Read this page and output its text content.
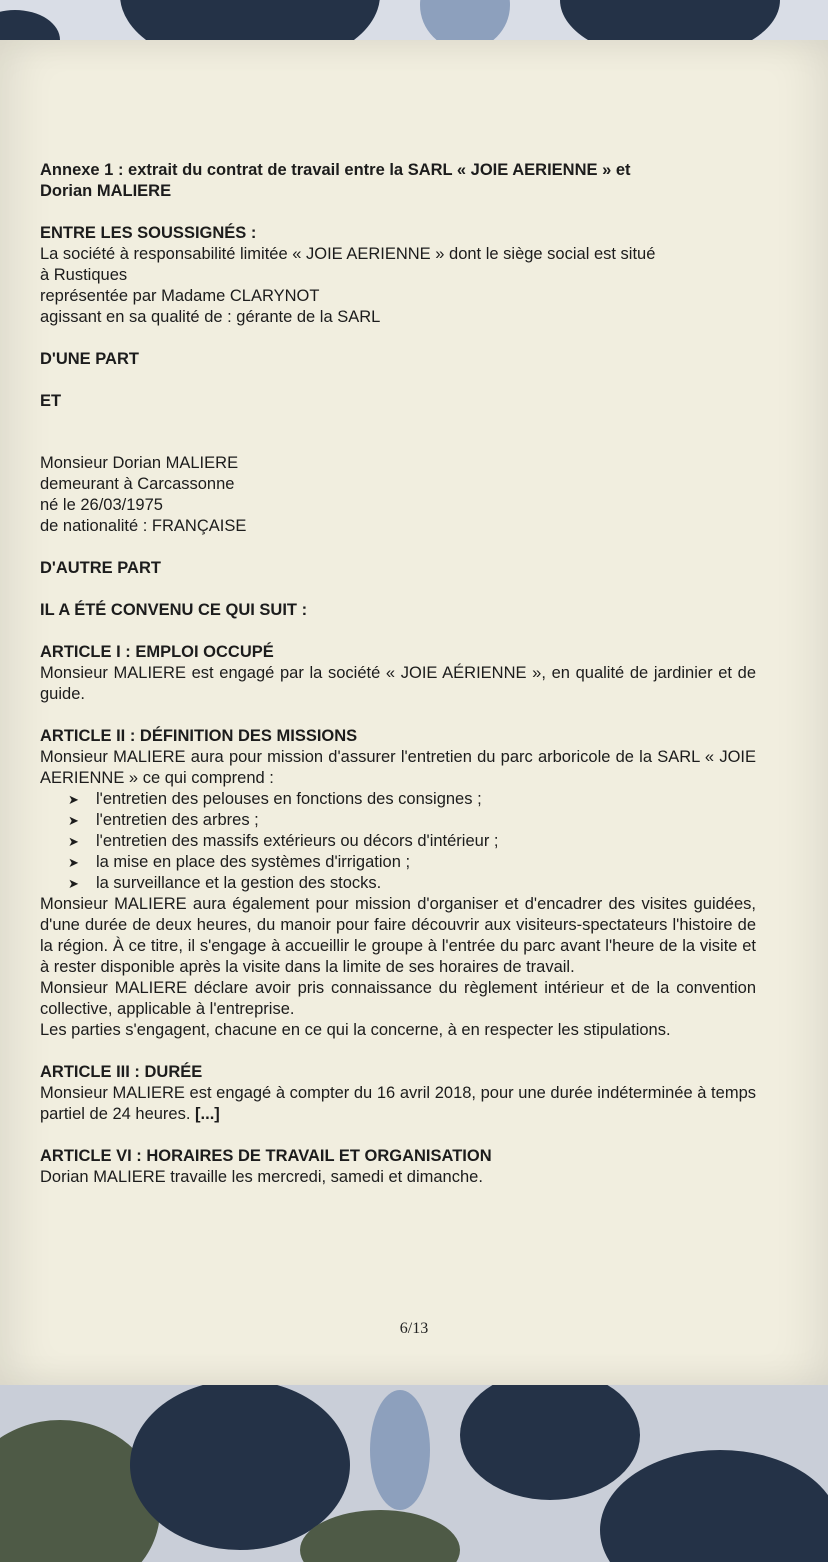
Annexe 1 : extrait du contrat de travail entre la SARL « JOIE AERIENNE » et

Dorian MALIERE

ENTRE LES SOUSSIGNÉS :

La société à responsabilité limitée « JOIE AERIENNE » dont le siège social est situé

à Rustiques

représentée par Madame CLARYNOT

agissant en sa qualité de : gérante de la SARL

D'UNE PART

ET

Monsieur Dorian MALIERE

demeurant à Carcassonne

né le 26/03/1975

de nationalité : FRANÇAISE

D'AUTRE PART

IL A ÉTÉ CONVENU CE QUI SUIT :

ARTICLE I : EMPLOI OCCUPÉ

Monsieur MALIERE est engagé par la société « JOIE AÉRIENNE », en qualité de jardinier et de guide.

ARTICLE II : DÉFINITION DES MISSIONS

Monsieur MALIERE aura pour mission d'assurer l'entretien du parc arboricole de la SARL « JOIE AERIENNE » ce qui comprend :

➤	l'entretien des pelouses en fonctions des consignes ;
➤	l'entretien des arbres ;
➤	l'entretien des massifs extérieurs ou décors d'intérieur ;
➤	la mise en place des systèmes d'irrigation ;
➤	la surveillance et la gestion des stocks.

Monsieur MALIERE aura également pour mission d'organiser et d'encadrer des visites guidées, d'une durée de deux heures, du manoir pour faire découvrir aux visiteurs-spectateurs l'histoire de la région. À ce titre, il s'engage à accueillir le groupe à l'entrée du parc avant l'heure de la visite et à rester disponible après la visite dans la limite de ses horaires de travail.

Monsieur MALIERE déclare avoir pris connaissance du règlement intérieur et de la convention collective, applicable à l'entreprise.

Les parties s'engagent, chacune en ce qui la concerne, à en respecter les stipulations.

ARTICLE III : DURÉE

Monsieur MALIERE est engagé à compter du 16 avril 2018, pour une durée indéterminée à temps partiel de 24 heures. [...]

ARTICLE VI : HORAIRES DE TRAVAIL ET ORGANISATION

Dorian MALIERE travaille les mercredi, samedi et dimanche.

6/13
